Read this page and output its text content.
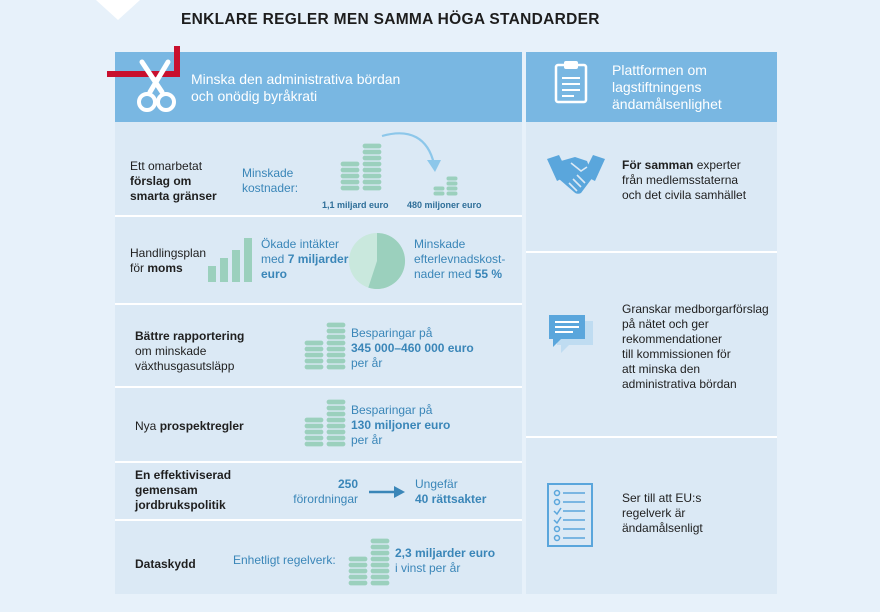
ENKLARE REGLER MEN SAMMA HÖGA STANDARDER
Minska den administrativa bördan
och onödig byråkrati
Plattformen om
lagstiftningens
ändamålsenlighet
Ett omarbetat
förslag om
smarta gränser
Minskade
kostnader:
1,1 miljard euro 480 miljoner euro
Handlingsplan
för moms
Ökade intäkter
med 7 miljarder
euro
Minskade
efterlevnadskost-
nader med 55 %
Bättre rapportering
om minskade
växthusgasutsläpp
Besparingar på
345 000–460 000 euro
per år
Nya prospektregler
Besparingar på
130 miljoner euro
per år
En effektiviserad
gemensam
jordbrukspolitik
250
förordningar
Ungefär
40 rättsakter
Dataskydd	Enhetligt regelverk:	2,3 miljarder euro
i vinst per år
För samman experter
från medlemsstaterna
och det civila samhället
Granskar medborgarförslag
på nätet och ger
rekommendationer
till kommissionen för
att minska den
administrativa bördan
Ser till att EU:s
regelverk är
ändamålsenligt
